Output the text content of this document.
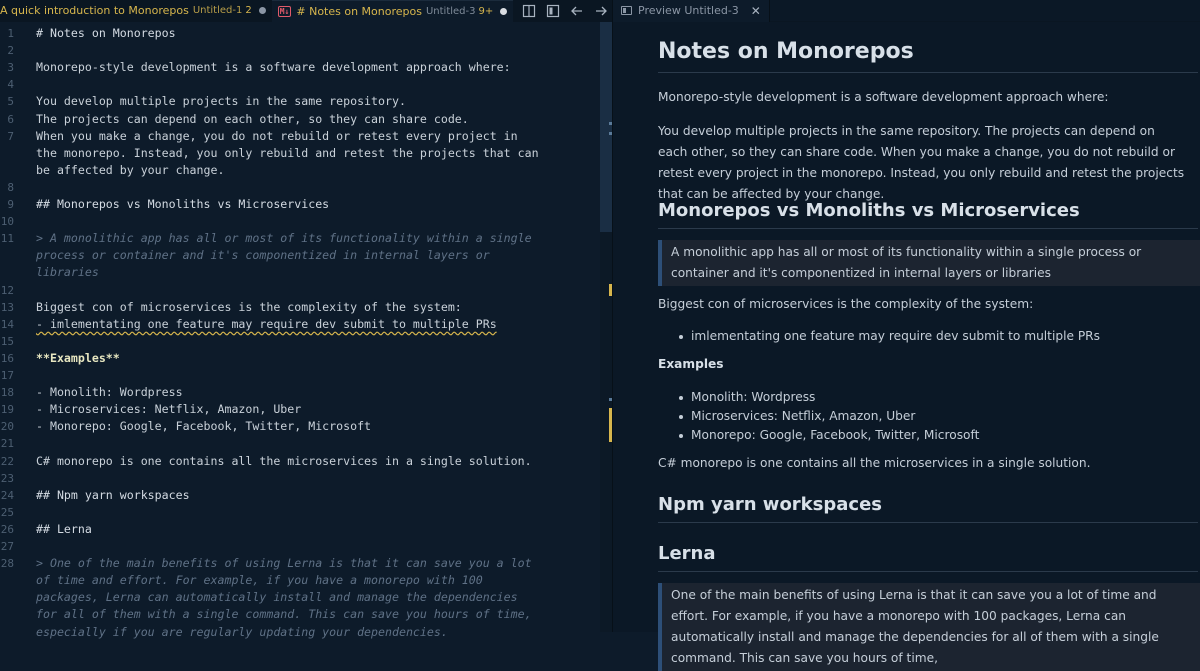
A quick introduction to Monorepos Untitled-1 2	M↓ # Notes on Monorepos Untitled-3 9+	Preview Untitled-3 ✕
1 # Notes on Monorepos
2
3 Monorepo-style development is a software development approach where:
4
5 You develop multiple projects in the same repository.
6 The projects can depend on each other, so they can share code.
7 When you make a change, you do not rebuild or retest every project in
the monorepo. Instead, you only rebuild and retest the projects that can
be affected by your change.
8
9 ## Monorepos vs Monoliths vs Microservices
10
11 > A monolithic app has all or most of its functionality within a single
process or container and it's componentized in internal layers or
libraries
12
13 Biggest con of microservices is the complexity of the system:
14 - imlementating one feature may require dev submit to multiple PRs
15
16 **Examples**
17
18 - Monolith: Wordpress
19 - Microservices: Netflix, Amazon, Uber
20 - Monorepo: Google, Facebook, Twitter, Microsoft
21
22 C# monorepo is one contains all the microservices in a single solution.
23
24 ## Npm yarn workspaces
25
26 ## Lerna
27
28 > One of the main benefits of using Lerna is that it can save you a lot
of time and effort. For example, if you have a monorepo with 100
packages, Lerna can automatically install and manage the dependencies
for all of them with a single command. This can save you hours of time,
especially if you are regularly updating your dependencies.
Notes on Monorepos
Monorepo-style development is a software development approach where:
You develop multiple projects in the same repository. The projects can depend on each other, so they can share code. When you make a change, you do not rebuild or retest every project in the monorepo. Instead, you only rebuild and retest the projects that can be affected by your change.
Monorepos vs Monoliths vs Microservices
A monolithic app has all or most of its functionality within a single process or container and it's componentized in internal layers or libraries
Biggest con of microservices is the complexity of the system:
imlementating one feature may require dev submit to multiple PRs
Examples
Monolith: Wordpress
Microservices: Netflix, Amazon, Uber
Monorepo: Google, Facebook, Twitter, Microsoft
C# monorepo is one contains all the microservices in a single solution.
Npm yarn workspaces
Lerna
One of the main benefits of using Lerna is that it can save you a lot of time and effort. For example, if you have a monorepo with 100 packages, Lerna can automatically install and manage the dependencies for all of them with a single command. This can save you hours of time,
